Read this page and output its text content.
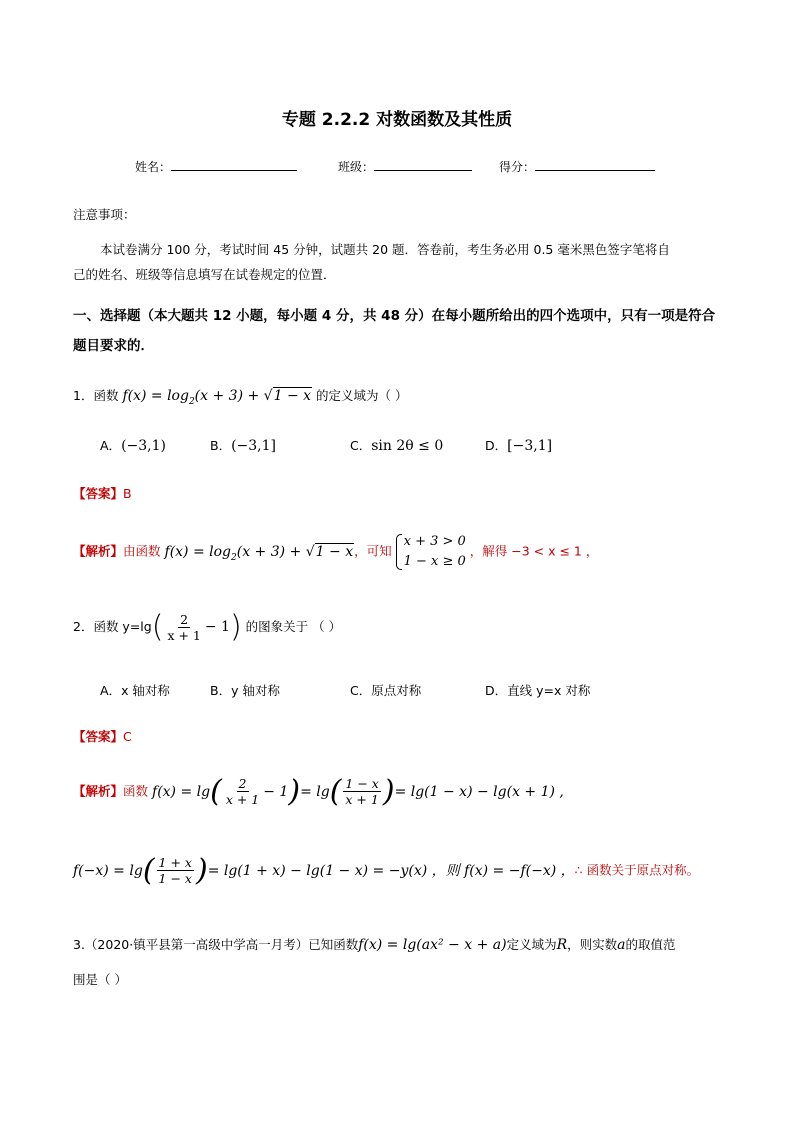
专题 2.2.2 对数函数及其性质
姓名：	班级：	得分：
注意事项：
本试卷满分 100 分，考试时间 45 分钟，试题共 20 题．答卷前，考生务必用 0.5 毫米黑色签字笔将自
己的姓名、班级等信息填写在试卷规定的位置．
一、选择题（本大题共 12 小题，每小题 4 分，共 48 分）在每小题所给出的四个选项中，只有一项是符合
题目要求的．
1．函数 $f(x) = \log_2(x + 3) + √1 - x$ 的定义域为（ ）
A．(−3,1)	B．(−3,1]	C．sin 2θ ≤ 0	D．[−3,1]
【答案】B
【解析】由函数 $f(x) = \log_2(x + 3) + √1 - x$，可知
x + 3 > 0
1 − x ≥ 0
，解得 −3 < x ≤ 1 ，
2．函数 $y=\lg( \frac{2}{x + 1} - 1)$ 的图象关于 （ ）
A．x 轴对称	B．y 轴对称	C．原点对称	D．直线 y=x 对称
【答案】C
【解析】函数 $f(x) = \lg( \frac{2}{x + 1} - 1)= \lg( \frac{1 - x}{x + 1}$ )= lg(1 − x) − lg(x + 1) ,
$f(-x) = \lg( \frac{1 + x}{1 - x}$ )= lg(1 + x) − lg(1 − x) = −y(x) ，则 f(x) = −f(−x) ，∴ 函数关于原点对称。
3.（2020·镇平县第一高级中学高一月考）已知函数f(x) = lg(ax² − x + a)定义域为R，则实数a的取值范
围是（ ）
